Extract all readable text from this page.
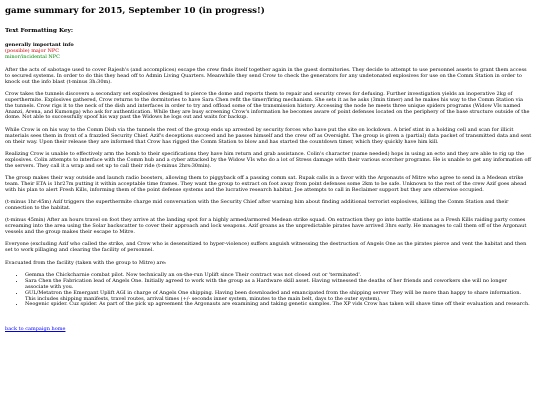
game summary for 2015, September 10 (in progress!)
Text Formatting Key:
generally important info
(possible) major NPC
minor/incidental NPC

After the acts of sabotage used to cover Rajesh's (and accomplices) escape the crew finds itself together again in the guest dormitories. They decide to attempt to use personnel assets to grant them access to secured systems. In order to do this they head off to Admin Living Quarters. Meanwhile they send Crow to check the generators for any undetonated explosives for use on the Comm Station in order to knock out the info blast (t-minus 3h:30m).

Crow takes the tunnels discovers a secondary set explosives designed to pierce the dome and reports them to repair and security crews for defusing. Further investigation yields an inoperative 2kg of superthermite. Explosives gathered, Crow returns to the dormitories to have Sara Chen refit the timer/firing mechanism. She sets it as he asks (3min timer) and he makes his way to the Comm Station via the tunnels. Crow rigs it to the neck of the dish and interfaces in order to try and offload some of the transmission history. Accessing the node he meets three unique spiders programs (Widow VIs named Ananzi, Arena, and Kumonga) who ask for authentication. While they are busy screening Crow's information he becomes aware of point defenses located on the periphery of the base structure outside of the dome. Not able to successfully spoof his way past the Widows he logs out and waits for backup.

While Crow is on his way to the Comm Dish via the tunnels the rest of the group ends up arrested by security forces who have put the site on lockdown. A brief stint in a holding cell and scan for illicit materials sees them in front of a frazzled Security Chief. Azif's deceptions succeed and he passes himself and the crew off as Oversight. The group is given a (partial) data packet of transmitted data and sent on their way. Upon their release they are informed that Crow has rigged the Comm Station to blow and has started the countdown timer, which they quickly have him kill.

Realizing Crow is unable to effectively arm the bomb to their specifications they have him return and grab assistance. Colin's character (name needed) hops in using an ecto and they are able to rig up the explosives. Colin attempts to interface with the Comm hub and a cyber attacked by the Widow VIs who do a lot of Stress damage with their various scorcher programs. He is unable to get any information off the servers. They call it a wrap and set up to call their ride (t-minus 2hrs:30min).

The group makes their way outside and launch radio boosters, allowing them to piggyback off a passing comm sat. Rupak calls in a favor with the Argonauts of Mitre who agree to send in a Medean strike team. Their ETA is 1hr27m putting it within acceptable time frames. They want the group to extract on foot away from point defenses some 2km to be safe. Unknown to the rest of the crew Azif goes ahead with his plan to alert Fresh Kills, informing them of the point defense systems and the lucrative research habitat. Joe attempts to call in Reclaimer support but they are otherwise occupied.

(t-minus 1hr:45m) Azif triggers the superthermite charge mid conversation with the Security Chief after warning him about finding additional terrorist explosives, killing the Comm Station and their connection to the habitat.

(t-minus 45min) After an hours travel on foot they arrive at the landing spot for a highly armed/armored Medean strike squad. On extraction they go into battle stations as a Fresh Kills raiding party comes screaming into the area using the Solar backscatter to cover their approach and lock weapons. Azif groans as the unpredictable pirates have arrived 3hrs early. He manages to call them off of the Argonaut vessels and the group makes their escape to Mitre.

Everyone (excluding Azif who called the strike, and Crow who is desensitized to hyper-violence) suffers anguish witnessing the destruction of Angels One as the pirates pierce and vent the habitat and then set to work pillaging and clearing the facility of personnel.

Evacuated from the facility (taken with the group to Mitre) are:

• Gemma the Chickcharnie combat pilot. Now technically an on-the-run Uplift since Their contract was not closed out or 'terminated'.
• Sara Chen the Fabrication lead of Angels One. Initially agreed to work with the group as a Hardware skill asset. Having witnessed the deaths of her friends and coworkers she will no longer associate with you.
• GUL/Metatron the Emergant Uplift AGI in charge of Angels One shipping. Having been downloaded and emancipated from the shipping server They will be more than happy to share information. This includes shipping manifests, travel routes, arrival times (+/- seconds inner system, minutes to the main belt, days to the outer system).
• Neogenic spider. Cuz spider. As part of the pick up agreement the Argonauts are examining and taking genetic samples. The XP vids Crow has taken will shave time off their evaluation and research.
back to campaign home
